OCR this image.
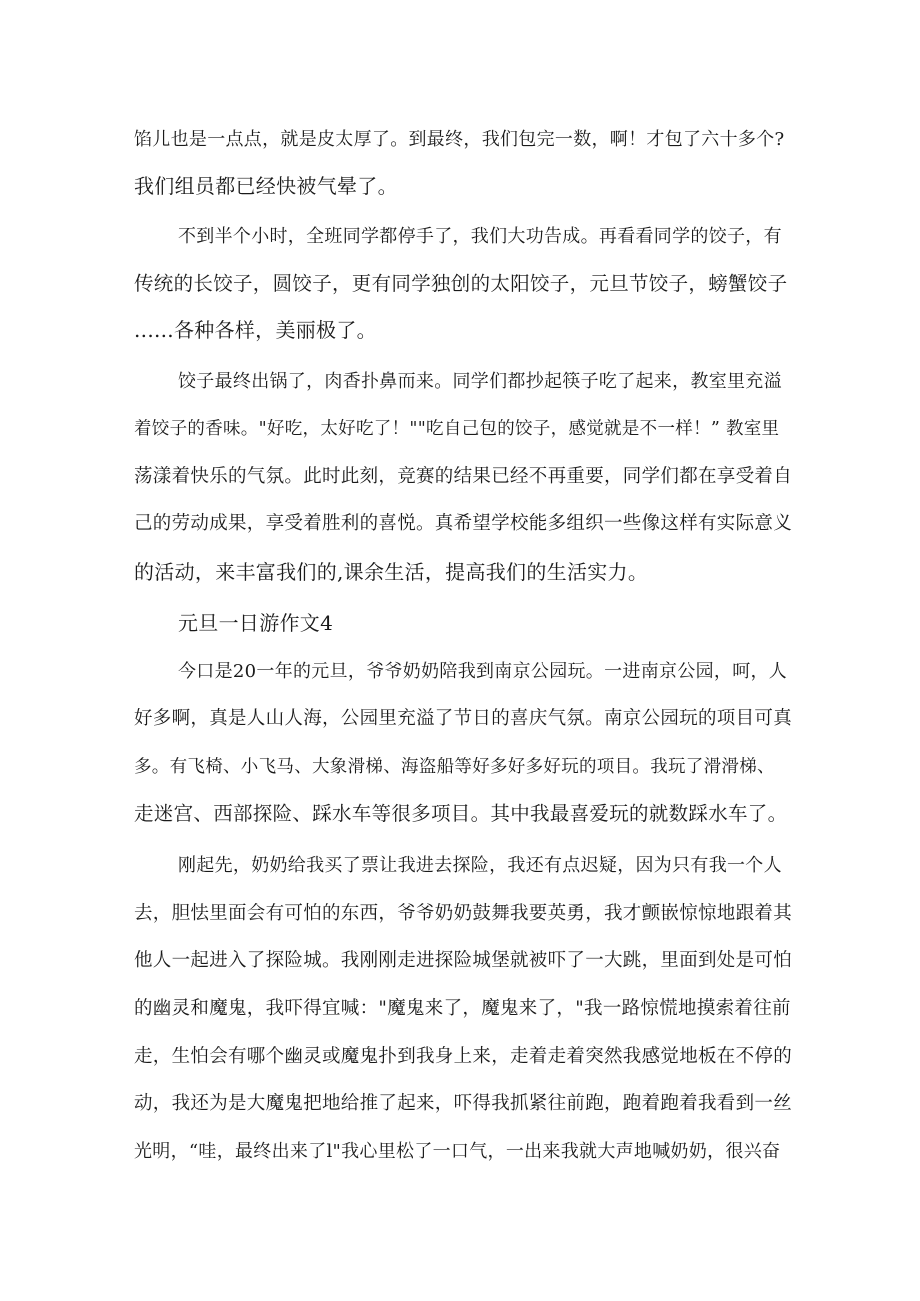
馅儿也是一点点，就是皮太厚了。到最终，我们包完一数，啊！才包了六十多个?
我们组员都已经快被气晕了。
不到半个小时，全班同学都停手了，我们大功告成。再看看同学的饺子，有
传统的长饺子，圆饺子，更有同学独创的太阳饺子，元旦节饺子，螃蟹饺子
......各种各样，美丽极了。
饺子最终出锅了，肉香扑鼻而来。同学们都抄起筷子吃了起来，教室里充溢
着饺子的香味。"好吃，太好吃了！""吃自己包的饺子，感觉就是不一样！” 教室里
荡漾着快乐的气氛。此时此刻，竞赛的结果已经不再重要，同学们都在享受着自
己的劳动成果，享受着胜利的喜悦。真希望学校能多组织一些像这样有实际意义
的活动，来丰富我们的,课余生活，提高我们的生活实力。
元旦一日游作文4
今口是20一年的元旦，爷爷奶奶陪我到南京公园玩。一进南京公园，呵，人
好多啊，真是人山人海，公园里充溢了节日的喜庆气氛。南京公园玩的项目可真
多。有飞椅、小飞马、大象滑梯、海盗船等好多好多好玩的项目。我玩了滑滑梯、
走迷宫、西部探险、踩水车等很多项目。其中我最喜爱玩的就数踩水车了。
刚起先，奶奶给我买了票让我进去探险，我还有点迟疑，因为只有我一个人
去，胆怯里面会有可怕的东西，爷爷奶奶鼓舞我要英勇，我才颤嵌惊惊地跟着其
他人一起进入了探险城。我刚刚走进探险城堡就被吓了一大跳，里面到处是可怕
的幽灵和魔鬼，我吓得宜喊："魔鬼来了，魔鬼来了，"我一路惊慌地摸索着往前
走，生怕会有哪个幽灵或魔鬼扑到我身上来，走着走着突然我感觉地板在不停的
动，我还为是大魔鬼把地给推了起来，吓得我抓紧往前跑，跑着跑着我看到一丝
光明，“哇，最终出来了l"我心里松了一口气，一出来我就大声地喊奶奶，很兴奋
